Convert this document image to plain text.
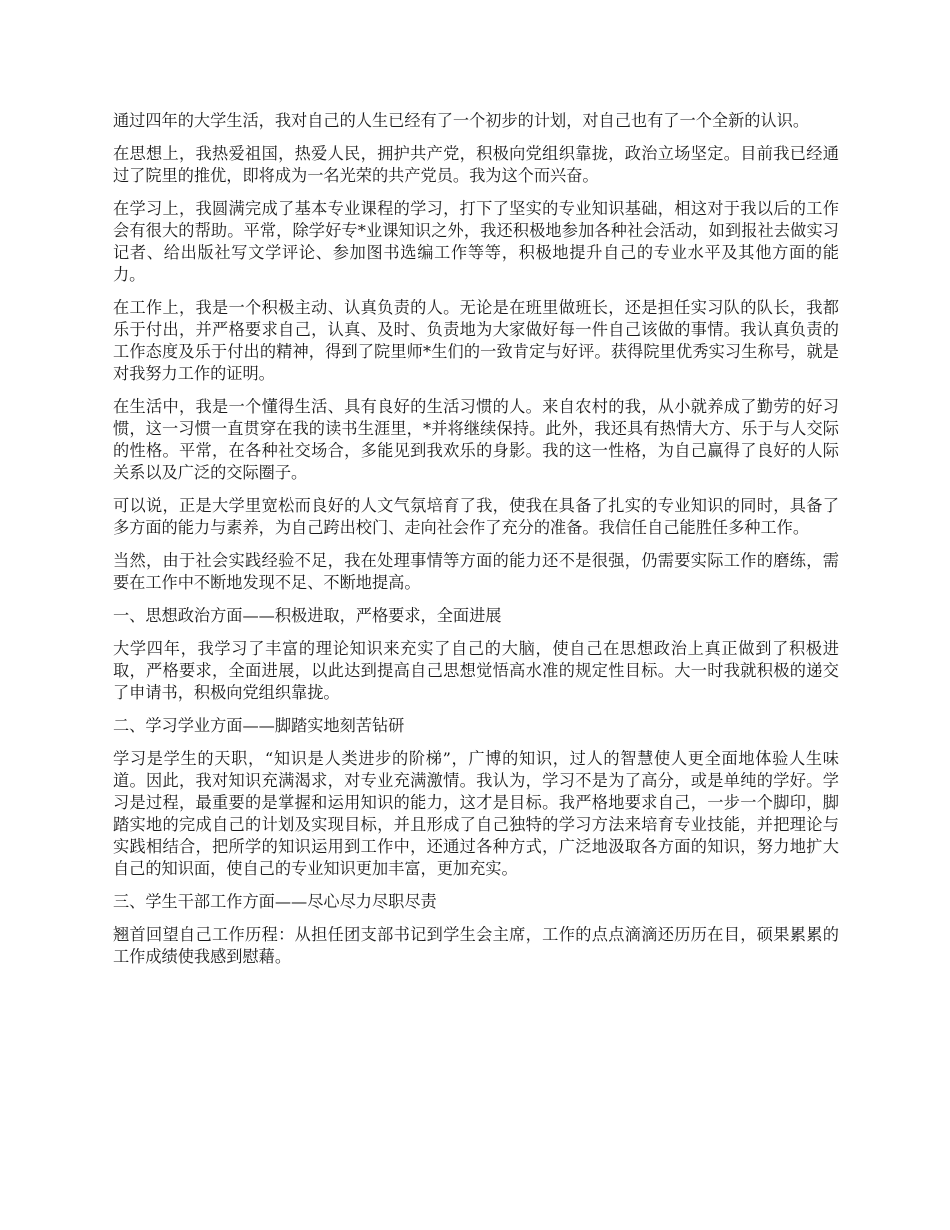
通过四年的大学生活，我对自己的人生已经有了一个初步的计划，对自己也有了一个全新的认识。

在思想上，我热爱祖国，热爱人民，拥护共产党，积极向党组织靠拢，政治立场坚定。目前我已经通过了院里的推优，即将成为一名光荣的共产党员。我为这个而兴奋。

在学习上，我圆满完成了基本专业课程的学习，打下了坚实的专业知识基础，相这对于我以后的工作会有很大的帮助。平常，除学好专*业课知识之外，我还积极地参加各种社会活动，如到报社去做实习记者、给出版社写文学评论、参加图书选编工作等等，积极地提升自己的专业水平及其他方面的能力。

在工作上，我是一个积极主动、认真负责的人。无论是在班里做班长，还是担任实习队的队长，我都乐于付出，并严格要求自己，认真、及时、负责地为大家做好每一件自己该做的事情。我认真负责的工作态度及乐于付出的精神，得到了院里师*生们的一致肯定与好评。获得院里优秀实习生称号，就是对我努力工作的证明。

在生活中，我是一个懂得生活、具有良好的生活习惯的人。来自农村的我，从小就养成了勤劳的好习惯，这一习惯一直贯穿在我的读书生涯里，*并将继续保持。此外，我还具有热情大方、乐于与人交际的性格。平常，在各种社交场合，多能见到我欢乐的身影。我的这一性格，为自己赢得了良好的人际关系以及广泛的交际圈子。

可以说，正是大学里宽松而良好的人文气氛培育了我，使我在具备了扎实的专业知识的同时，具备了多方面的能力与素养，为自己跨出校门、走向社会作了充分的准备。我信任自己能胜任多种工作。

当然，由于社会实践经验不足，我在处理事情等方面的能力还不是很强，仍需要实际工作的磨练，需要在工作中不断地发现不足、不断地提高。

一、思想政治方面——积极进取，严格要求，全面进展

大学四年，我学习了丰富的理论知识来充实了自己的大脑，使自己在思想政治上真正做到了积极进取，严格要求，全面进展，以此达到提高自己思想觉悟高水准的规定性目标。大一时我就积极的递交了申请书，积极向党组织靠拢。

二、学习学业方面——脚踏实地刻苦钻研

学习是学生的天职，“知识是人类进步的阶梯”，广博的知识，过人的智慧使人更全面地体验人生味道。因此，我对知识充满渴求，对专业充满激情。我认为，学习不是为了高分，或是单纯的学好。学习是过程，最重要的是掌握和运用知识的能力，这才是目标。我严格地要求自己，一步一个脚印，脚踏实地的完成自己的计划及实现目标，并且形成了自己独特的学习方法来培育专业技能，并把理论与实践相结合，把所学的知识运用到工作中，还通过各种方式，广泛地汲取各方面的知识，努力地扩大自己的知识面，使自己的专业知识更加丰富，更加充实。

三、学生干部工作方面——尽心尽力尽职尽责

翘首回望自己工作历程：从担任团支部书记到学生会主席，工作的点点滴滴还历历在目，硕果累累的工作成绩使我感到慰藉。
